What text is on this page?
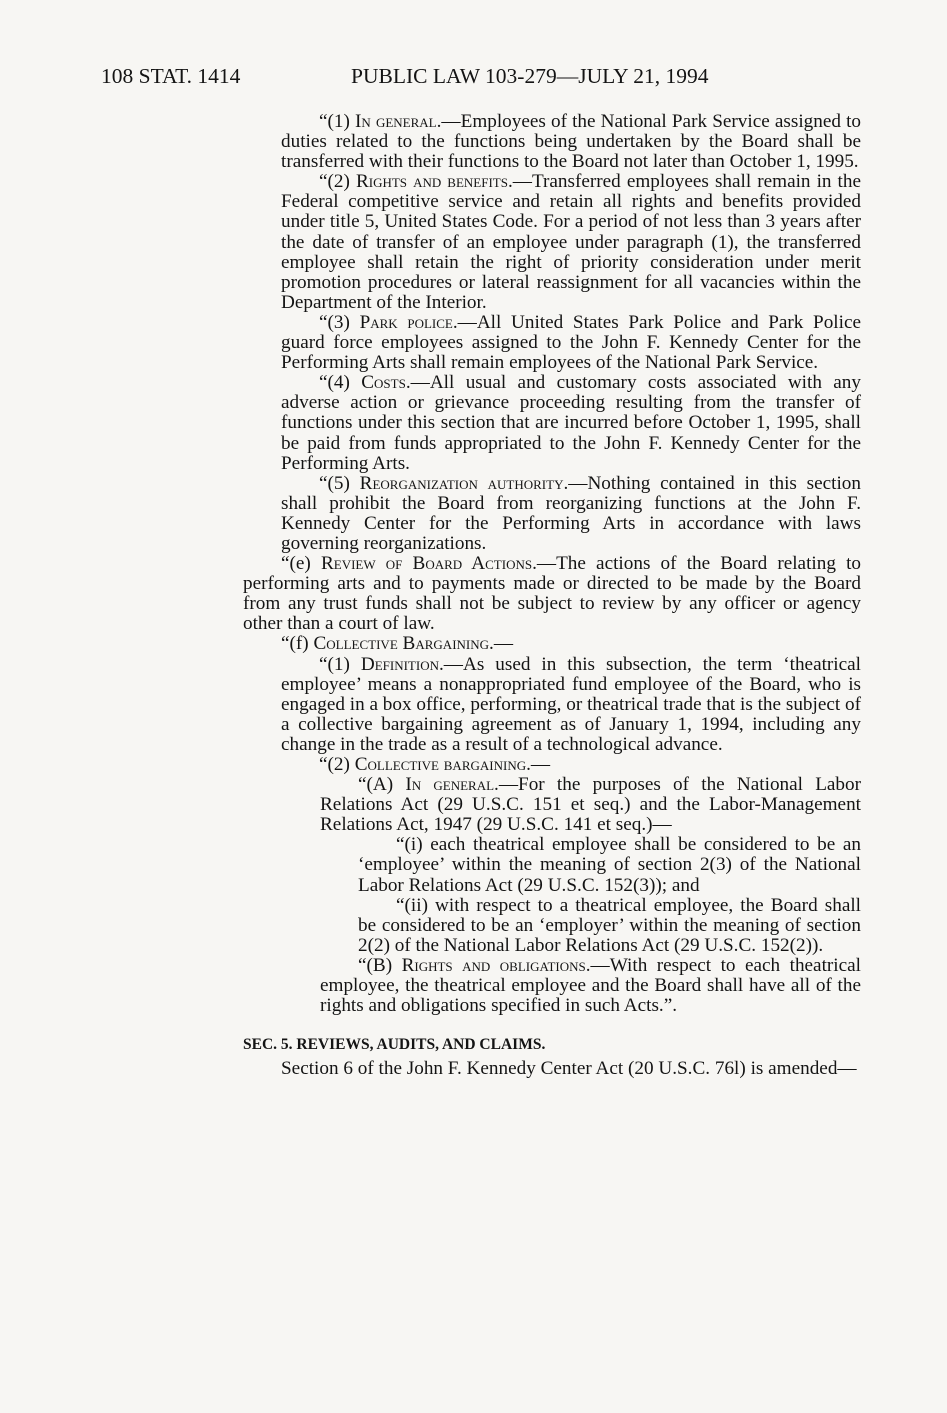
108 STAT. 1414	PUBLIC LAW 103-279—JULY 21, 1994

“(1) In general.—Employees of the National Park Service assigned to duties related to the functions being undertaken by the Board shall be transferred with their functions to the Board not later than October 1, 1995.

“(2) Rights and benefits.—Transferred employees shall remain in the Federal competitive service and retain all rights and benefits provided under title 5, United States Code. For a period of not less than 3 years after the date of transfer of an employee under paragraph (1), the transferred employee shall retain the right of priority consideration under merit promotion procedures or lateral reassignment for all vacancies within the Department of the Interior.

“(3) Park police.—All United States Park Police and Park Police guard force employees assigned to the John F. Kennedy Center for the Performing Arts shall remain employees of the National Park Service.

“(4) Costs.—All usual and customary costs associated with any adverse action or grievance proceeding resulting from the transfer of functions under this section that are incurred before October 1, 1995, shall be paid from funds appropriated to the John F. Kennedy Center for the Performing Arts.

“(5) Reorganization authority.—Nothing contained in this section shall prohibit the Board from reorganizing functions at the John F. Kennedy Center for the Performing Arts in accordance with laws governing reorganizations.

“(e) Review of Board Actions.—The actions of the Board relating to performing arts and to payments made or directed to be made by the Board from any trust funds shall not be subject to review by any officer or agency other than a court of law.

“(f) Collective Bargaining.—

“(1) Definition.—As used in this subsection, the term ‘theatrical employee’ means a nonappropriated fund employee of the Board, who is engaged in a box office, performing, or theatrical trade that is the subject of a collective bargaining agreement as of January 1, 1994, including any change in the trade as a result of a technological advance.

“(2) Collective bargaining.—

“(A) In general.—For the purposes of the National Labor Relations Act (29 U.S.C. 151 et seq.) and the Labor-Management Relations Act, 1947 (29 U.S.C. 141 et seq.)—

“(i) each theatrical employee shall be considered to be an ‘employee’ within the meaning of section 2(3) of the National Labor Relations Act (29 U.S.C. 152(3)); and

“(ii) with respect to a theatrical employee, the Board shall be considered to be an ‘employer’ within the meaning of section 2(2) of the National Labor Relations Act (29 U.S.C. 152(2)).

“(B) Rights and obligations.—With respect to each theatrical employee, the theatrical employee and the Board shall have all of the rights and obligations specified in such Acts.”.

SEC. 5. REVIEWS, AUDITS, AND CLAIMS.

Section 6 of the John F. Kennedy Center Act (20 U.S.C. 76l) is amended—
